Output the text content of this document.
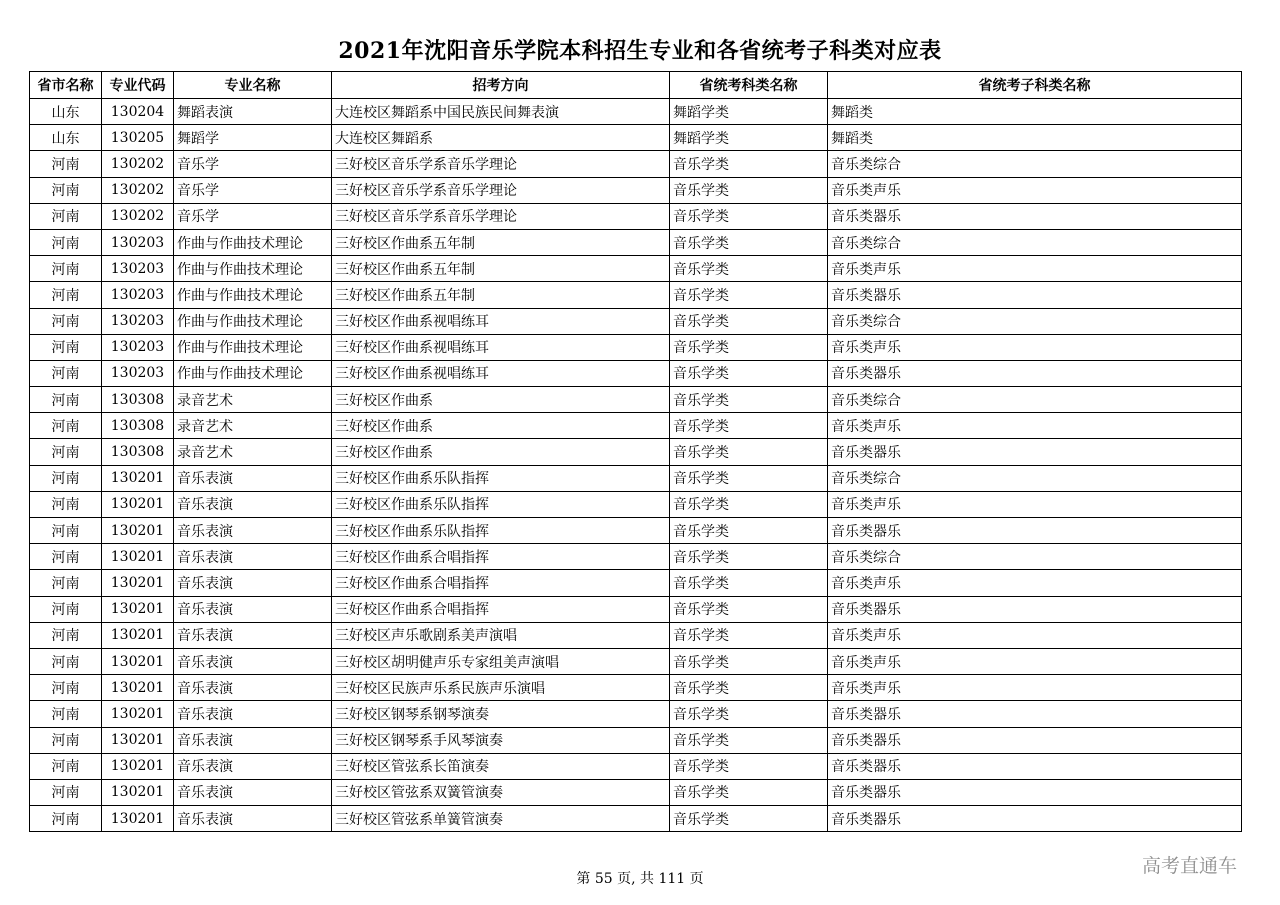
2021年沈阳音乐学院本科招生专业和各省统考子科类对应表
省市名称	专业代码	专业名称	招考方向	省统考科类名称	省统考子科类名称
山东	130204	舞蹈表演	大连校区舞蹈系中国民族民间舞表演	舞蹈学类	舞蹈类
山东	130205	舞蹈学	大连校区舞蹈系	舞蹈学类	舞蹈类
河南	130202	音乐学	三好校区音乐学系音乐学理论	音乐学类	音乐类综合
河南	130202	音乐学	三好校区音乐学系音乐学理论	音乐学类	音乐类声乐
河南	130202	音乐学	三好校区音乐学系音乐学理论	音乐学类	音乐类器乐
河南	130203	作曲与作曲技术理论	三好校区作曲系五年制	音乐学类	音乐类综合
河南	130203	作曲与作曲技术理论	三好校区作曲系五年制	音乐学类	音乐类声乐
河南	130203	作曲与作曲技术理论	三好校区作曲系五年制	音乐学类	音乐类器乐
河南	130203	作曲与作曲技术理论	三好校区作曲系视唱练耳	音乐学类	音乐类综合
河南	130203	作曲与作曲技术理论	三好校区作曲系视唱练耳	音乐学类	音乐类声乐
河南	130203	作曲与作曲技术理论	三好校区作曲系视唱练耳	音乐学类	音乐类器乐
河南	130308	录音艺术	三好校区作曲系	音乐学类	音乐类综合
河南	130308	录音艺术	三好校区作曲系	音乐学类	音乐类声乐
河南	130308	录音艺术	三好校区作曲系	音乐学类	音乐类器乐
河南	130201	音乐表演	三好校区作曲系乐队指挥	音乐学类	音乐类综合
河南	130201	音乐表演	三好校区作曲系乐队指挥	音乐学类	音乐类声乐
河南	130201	音乐表演	三好校区作曲系乐队指挥	音乐学类	音乐类器乐
河南	130201	音乐表演	三好校区作曲系合唱指挥	音乐学类	音乐类综合
河南	130201	音乐表演	三好校区作曲系合唱指挥	音乐学类	音乐类声乐
河南	130201	音乐表演	三好校区作曲系合唱指挥	音乐学类	音乐类器乐
河南	130201	音乐表演	三好校区声乐歌剧系美声演唱	音乐学类	音乐类声乐
河南	130201	音乐表演	三好校区胡明健声乐专家组美声演唱	音乐学类	音乐类声乐
河南	130201	音乐表演	三好校区民族声乐系民族声乐演唱	音乐学类	音乐类声乐
河南	130201	音乐表演	三好校区钢琴系钢琴演奏	音乐学类	音乐类器乐
河南	130201	音乐表演	三好校区钢琴系手风琴演奏	音乐学类	音乐类器乐
河南	130201	音乐表演	三好校区管弦系长笛演奏	音乐学类	音乐类器乐
河南	130201	音乐表演	三好校区管弦系双簧管演奏	音乐学类	音乐类器乐
河南	130201	音乐表演	三好校区管弦系单簧管演奏	音乐学类	音乐类器乐
第 55 页, 共 111 页
高考直通车
